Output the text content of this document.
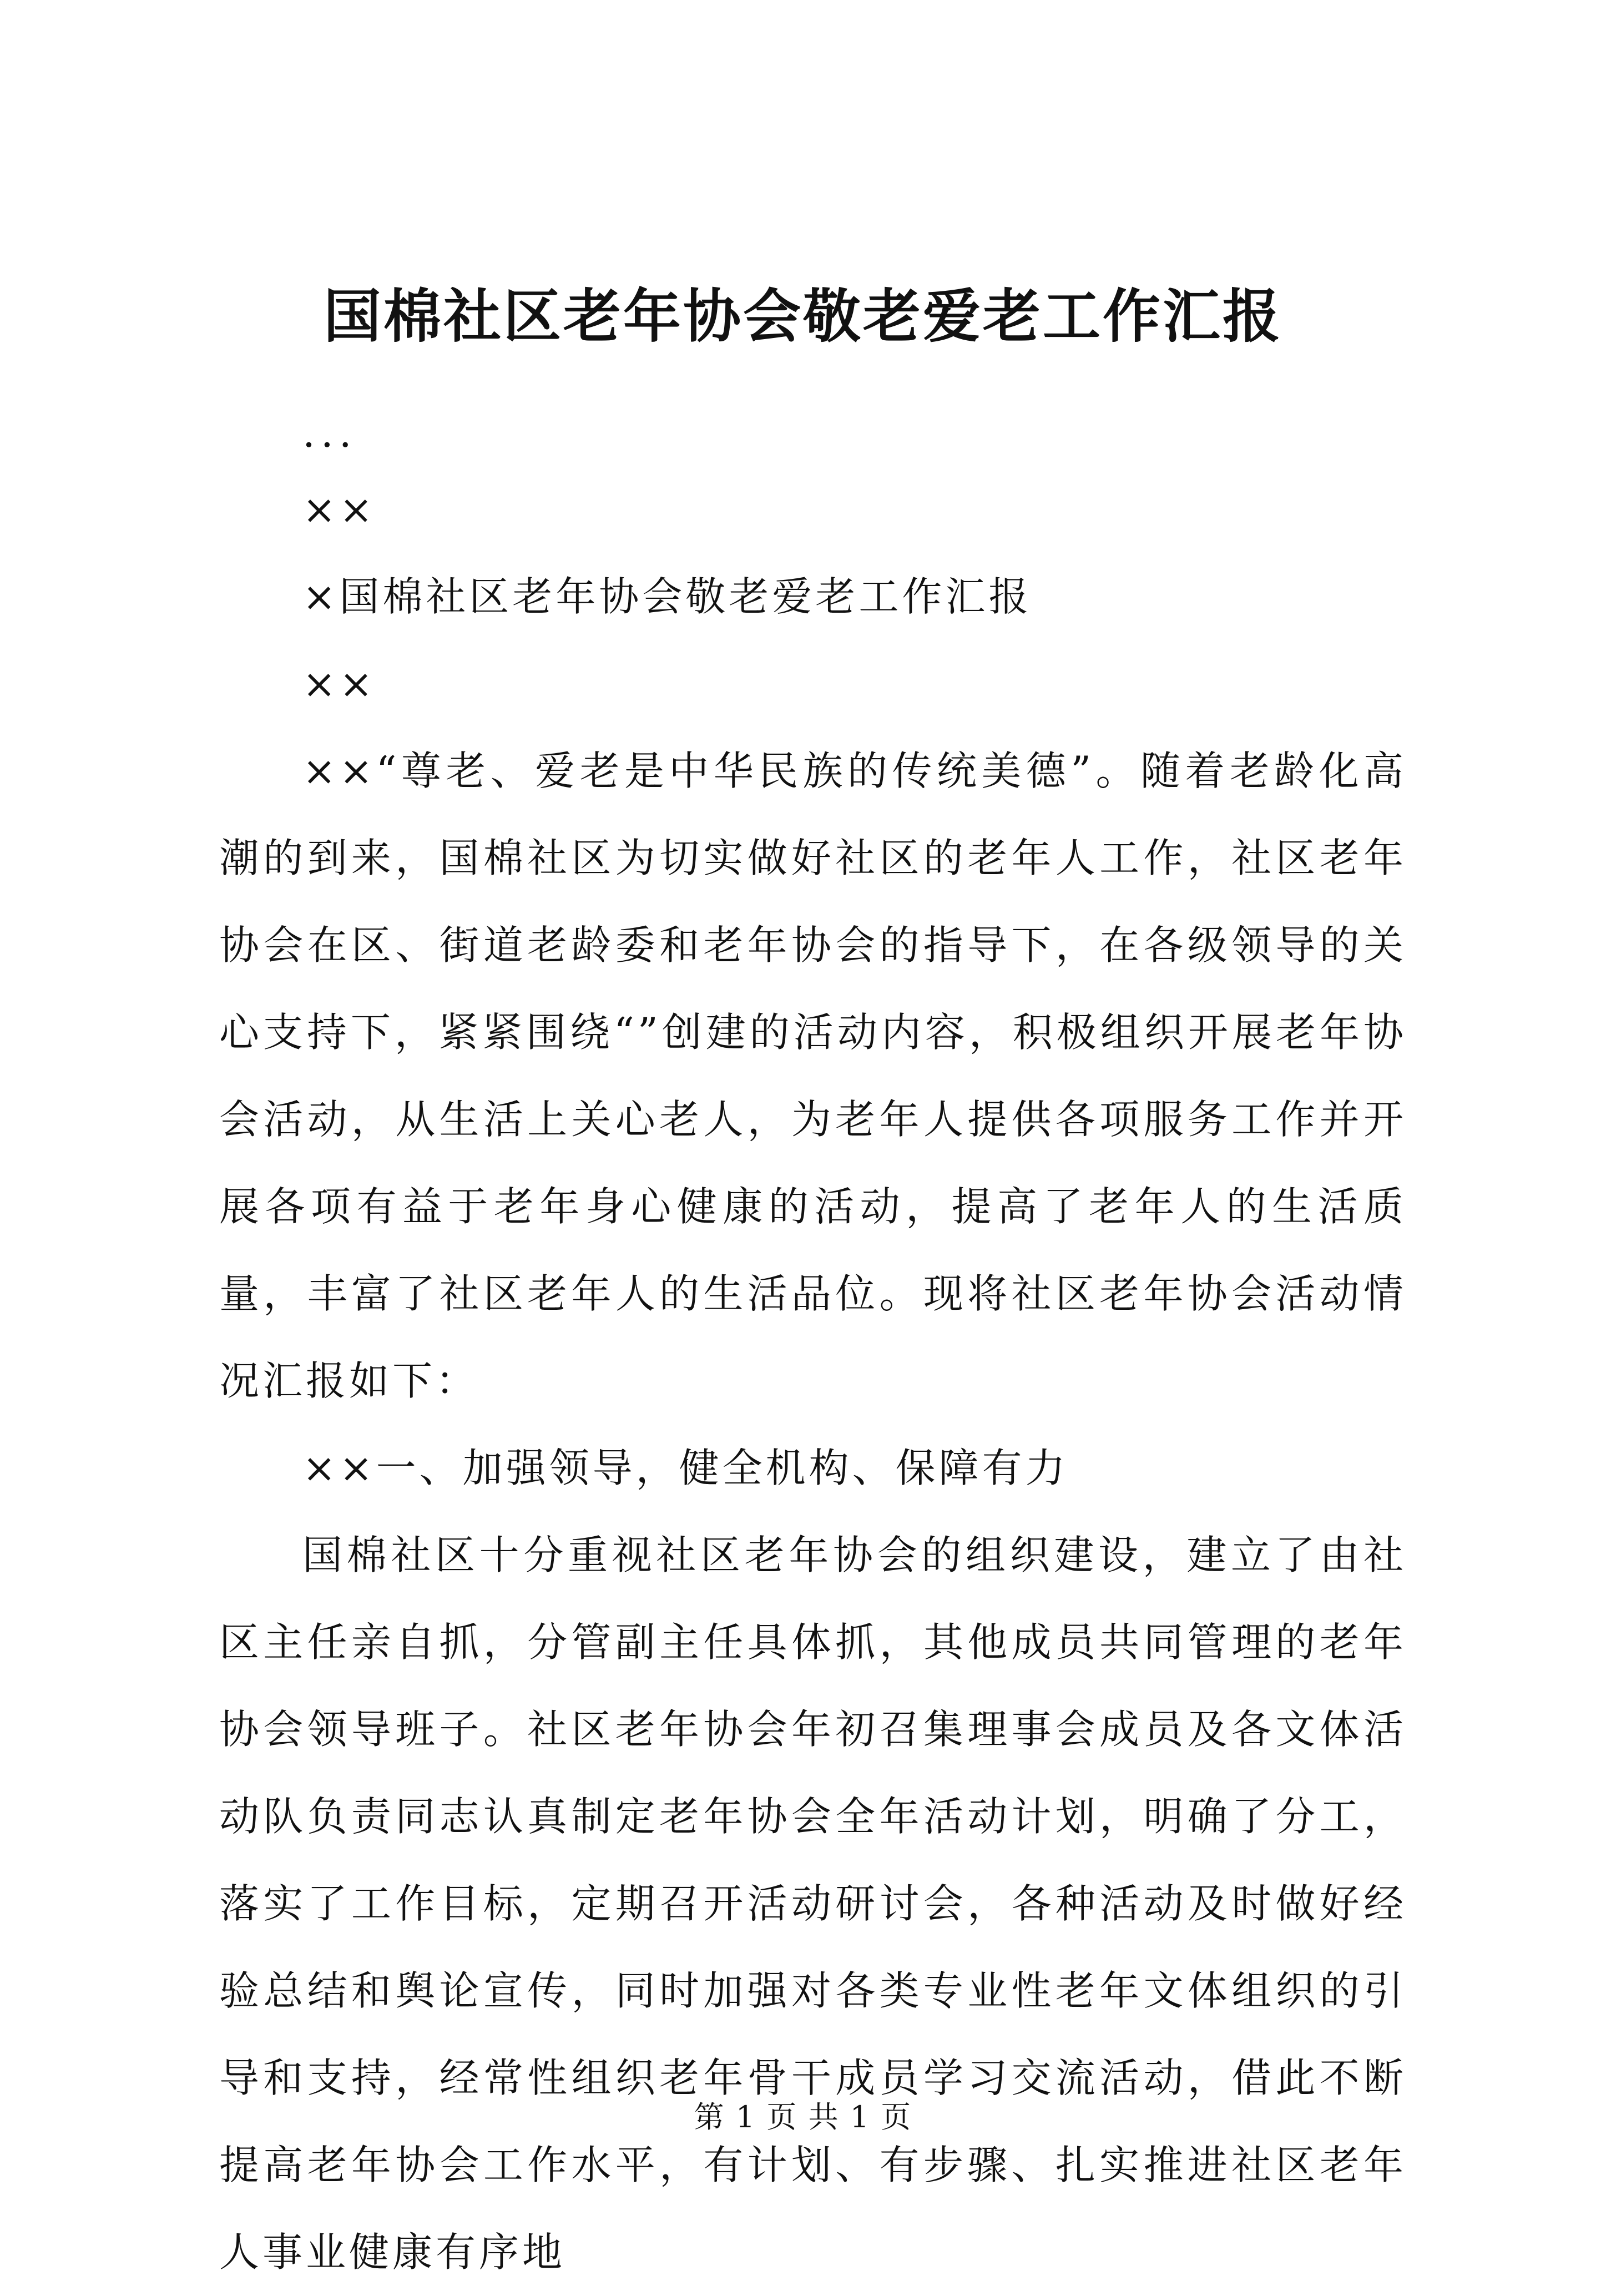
国棉社区老年协会敬老爱老工作汇报

...

××

×国棉社区老年协会敬老爱老工作汇报

××

××“尊老、爱老是中华民族的传统美德”。随着老龄化高潮的到来，国棉社区为切实做好社区的老年人工作，社区老年协会在区、街道老龄委和老年协会的指导下，在各级领导的关心支持下，紧紧围绕“”创建的活动内容，积极组织开展老年协会活动，从生活上关心老人，为老年人提供各项服务工作并开展各项有益于老年身心健康的活动，提高了老年人的生活质量，丰富了社区老年人的生活品位。现将社区老年协会活动情况汇报如下：

××一、加强领导，健全机构、保障有力

国棉社区十分重视社区老年协会的组织建设，建立了由社区主任亲自抓，分管副主任具体抓，其他成员共同管理的老年协会领导班子。社区老年协会年初召集理事会成员及各文体活动队负责同志认真制定老年协会全年活动计划，明确了分工，落实了工作目标，定期召开活动研讨会，各种活动及时做好经验总结和舆论宣传，同时加强对各类专业性老年文体组织的引导和支持，经常性组织老年骨干成员学习交流活动，借此不断提高老年协会工作水平，有计划、有步骤、扎实推进社区老年人事业健康有序地

第 1 页 共 1 页
